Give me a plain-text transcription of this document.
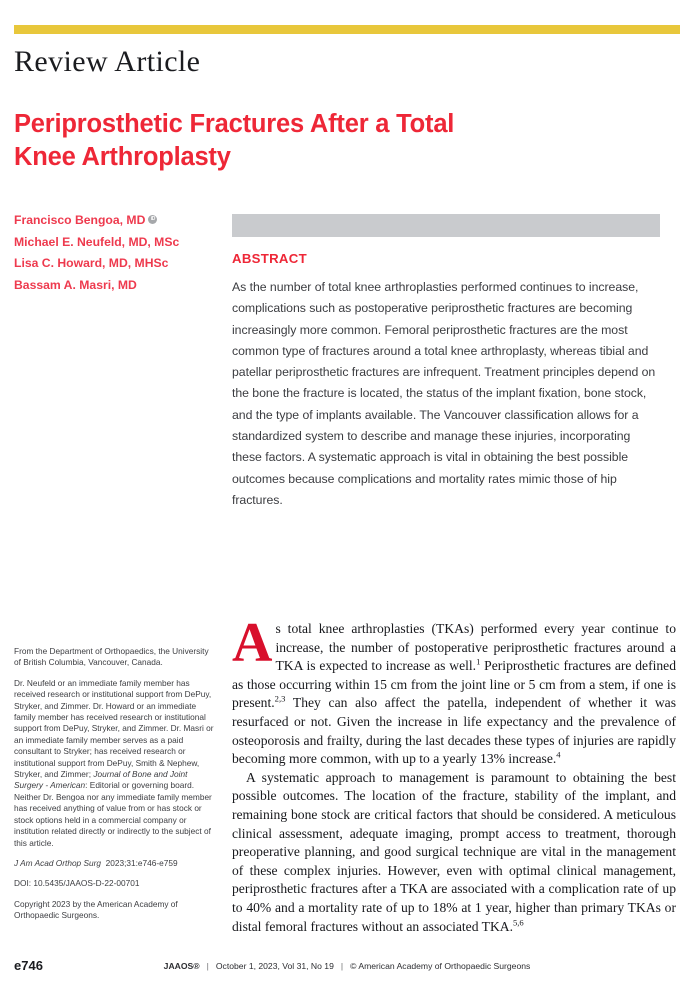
Review Article
Periprosthetic Fractures After a Total
Knee Arthroplasty
Francisco Bengoa, MDiD
Michael E. Neufeld, MD, MSc
Lisa C. Howard, MD, MHSc
Bassam A. Masri, MD
ABSTRACT
As the number of total knee arthroplasties performed continues to increase, complications such as postoperative periprosthetic fractures are becoming increasingly more common. Femoral periprosthetic fractures are the most common type of fractures around a total knee arthroplasty, whereas tibial and patellar periprosthetic fractures are infrequent. Treatment principles depend on the bone the fracture is located, the status of the implant fixation, bone stock, and the type of implants available. The Vancouver classification allows for a standardized system to describe and manage these injuries, incorporating these factors. A systematic approach is vital in obtaining the best possible outcomes because complications and mortality rates mimic those of hip fractures.

From the Department of Orthopaedics, the University of British Columbia, Vancouver, Canada.

Dr. Neufeld or an immediate family member has received research or institutional support from DePuy, Stryker, and Zimmer. Dr. Howard or an immediate family member has received research or institutional support from DePuy, Stryker, and Zimmer. Dr. Masri or an immediate family member serves as a paid consultant to Stryker; has received research or institutional support from DePuy, Smith & Nephew, Stryker, and Zimmer; Journal of Bone and Joint Surgery - American: Editorial or governing board. Neither Dr. Bengoa nor any immediate family member has received anything of value from or has stock or stock options held in a commercial company or institution related directly or indirectly to the subject of this article.

J Am Acad Orthop Surg 2023;31:e746-e759

DOI: 10.5435/JAAOS-D-22-00701

Copyright 2023 by the American Academy of Orthopaedic Surgeons.

As total knee arthroplasties (TKAs) performed every year continue to increase, the number of postoperative periprosthetic fractures around a TKA is expected to increase as well.$^1$ Periprosthetic fractures are defined as those occurring within 15 cm from the joint line or 5 cm from a stem, if one is present.$^{2,3}$ They can also affect the patella, independent of whether it was resurfaced or not. Given the increase in life expectancy and the prevalence of osteoporosis and frailty, during the last decades these types of injuries are rapidly becoming more common, with up to a yearly 13% increase.$^4$

A systematic approach to management is paramount to obtaining the best possible outcomes. The location of the fracture, stability of the implant, and remaining bone stock are critical factors that should be considered. A meticulous clinical assessment, adequate imaging, prompt access to treatment, thorough preoperative planning, and good surgical technique are vital in the management of these complex injuries. However, even with optimal clinical management, periprosthetic fractures after a TKA are associated with a complication rate of up to 40% and a mortality rate of up to 18% at 1 year, higher than primary TKAs or distal femoral fractures without an associated TKA.$^{5,6}$

e746	JAAOS® | October 1, 2023, Vol 31, No 19 | © American Academy of Orthopaedic Surgeons
